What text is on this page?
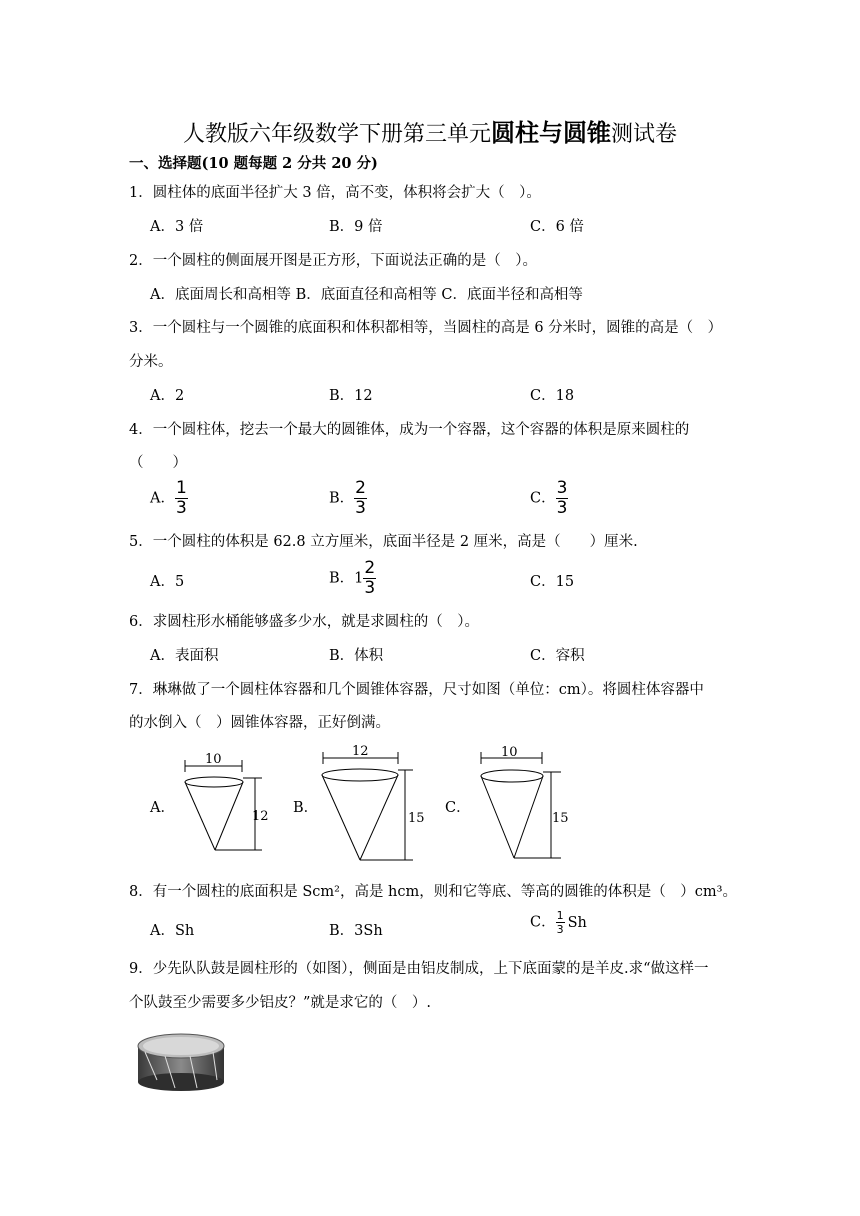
人教版六年级数学下册第三单元圆柱与圆锥测试卷
一、选择题(10 题每题 2 分共 20 分)
1．圆柱体的底面半径扩大 3 倍，高不变，体积将会扩大（　）。
A．3 倍	B．9 倍	C．6 倍
2．一个圆柱的侧面展开图是正方形，下面说法正确的是（　）。
A．底面周长和高相等 B．底面直径和高相等 C．底面半径和高相等
3．一个圆柱与一个圆锥的底面积和体积都相等，当圆柱的高是 6 分米时，圆锥的高是（　）
分米。
A．2	B．12	C．18
4．一个圆柱体，挖去一个最大的圆锥体，成为一个容器，这个容器的体积是原来圆柱的
（　　）
A． $\frac{1}{3}$	B． $\frac{2}{3}$	C． $\frac{3}{3}$
5．一个圆柱的体积是 62.8 立方厘米，底面半径是 2 厘米，高是（　　）厘米.
A．5	B．$1 \frac{2}{3}$	C．15
6．求圆柱形水桶能够盛多少水，就是求圆柱的（　）。
A．表面积	B．体积	C．容积
7．琳琳做了一个圆柱体容器和几个圆锥体容器，尺寸如图（单位：cm）。将圆柱体容器中
的水倒入（　）圆锥体容器，正好倒满。
A．
10
12
B．
12
15
C．
10
15
8．有一个圆柱的底面积是 Scm²，高是 hcm，则和它等底、等高的圆锥的体积是（　）cm³。
A．Sh	B．3Sh
C． $\frac{1}{3}$ Sh
9．少先队队鼓是圆柱形的（如图），侧面是由铝皮制成，上下底面蒙的是羊皮.求“做这样一
个队鼓至少需要多少铝皮？”就是求它的（　）.
